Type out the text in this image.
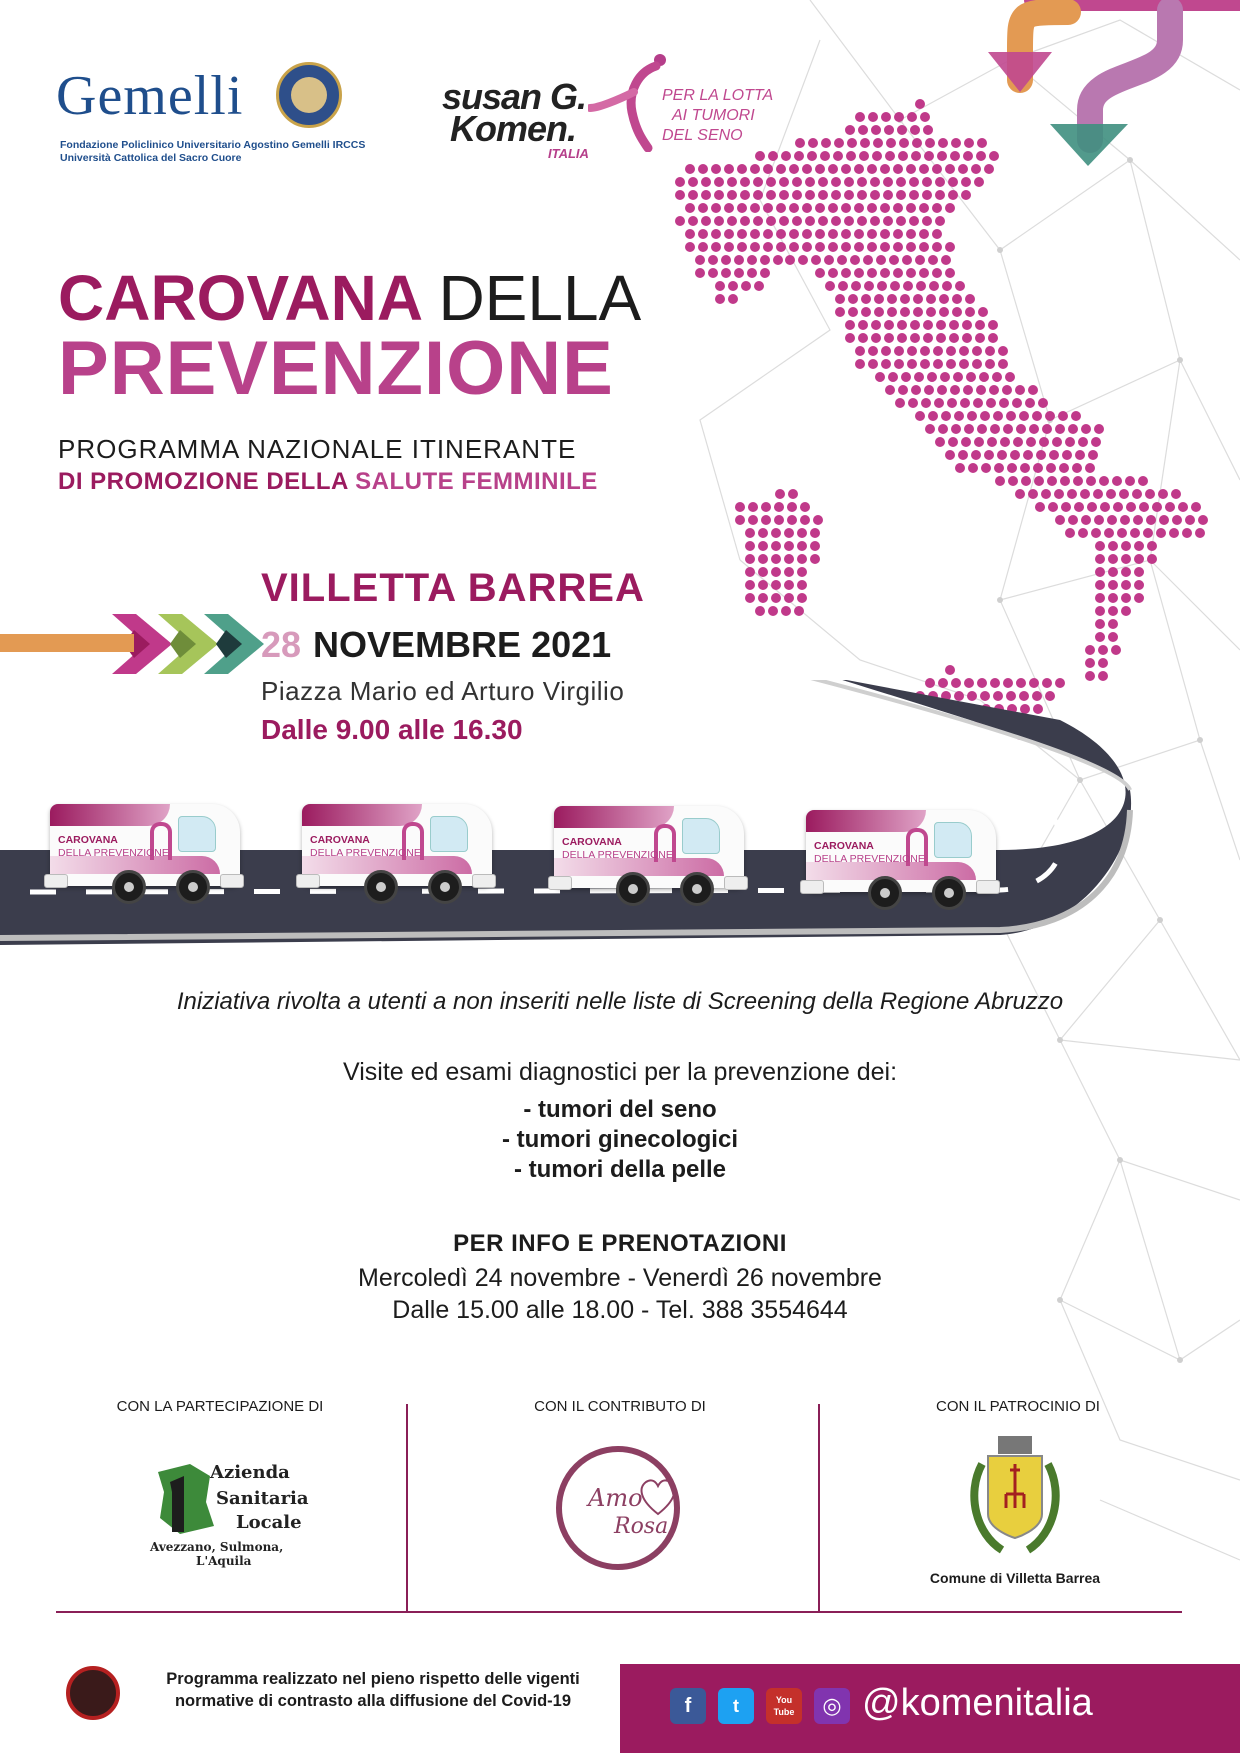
Gemelli
Fondazione Policlinico Universitario Agostino Gemelli IRCCS
Università Cattolica del Sacro Cuore
susan G.
Komen.
ITALIA
PER LA LOTTA
AI TUMORI
DEL SENO
CAROVANA DELLA
PREVENZIONE
PROGRAMMA NAZIONALE ITINERANTE
DI PROMOZIONE DELLA SALUTE FEMMINILE
VILLETTA BARREA
28 NOVEMBRE 2021
Piazza Mario ed Arturo Virgilio
Dalle 9.00 alle 16.30
CAROVANA
DELLA PREVENZIONE
CAROVANA
DELLA PREVENZIONE
CAROVANA
DELLA PREVENZIONE
CAROVANA
DELLA PREVENZIONE
Iniziativa rivolta a utenti a non inseriti nelle liste di Screening della Regione Abruzzo
Visite ed esami diagnostici per la prevenzione dei:
- tumori del seno
- tumori ginecologici
- tumori della pelle
PER INFO E PRENOTAZIONI
Mercoledì 24 novembre - Venerdì 26 novembre
Dalle 15.00 alle 18.00 - Tel. 388 3554644
CON LA PARTECIPAZIONE DI	CON IL CONTRIBUTO DI	CON IL PATROCINIO DI
Azienda
Sanitaria
Locale
Avezzano, Sulmona,
L'Aquila
Amo
Rosa
Comune di Villetta Barrea
Programma realizzato nel pieno rispetto delle vigenti
normative di contrasto alla diffusione del Covid-19	f	t	You Tube	◎ @komenitalia
